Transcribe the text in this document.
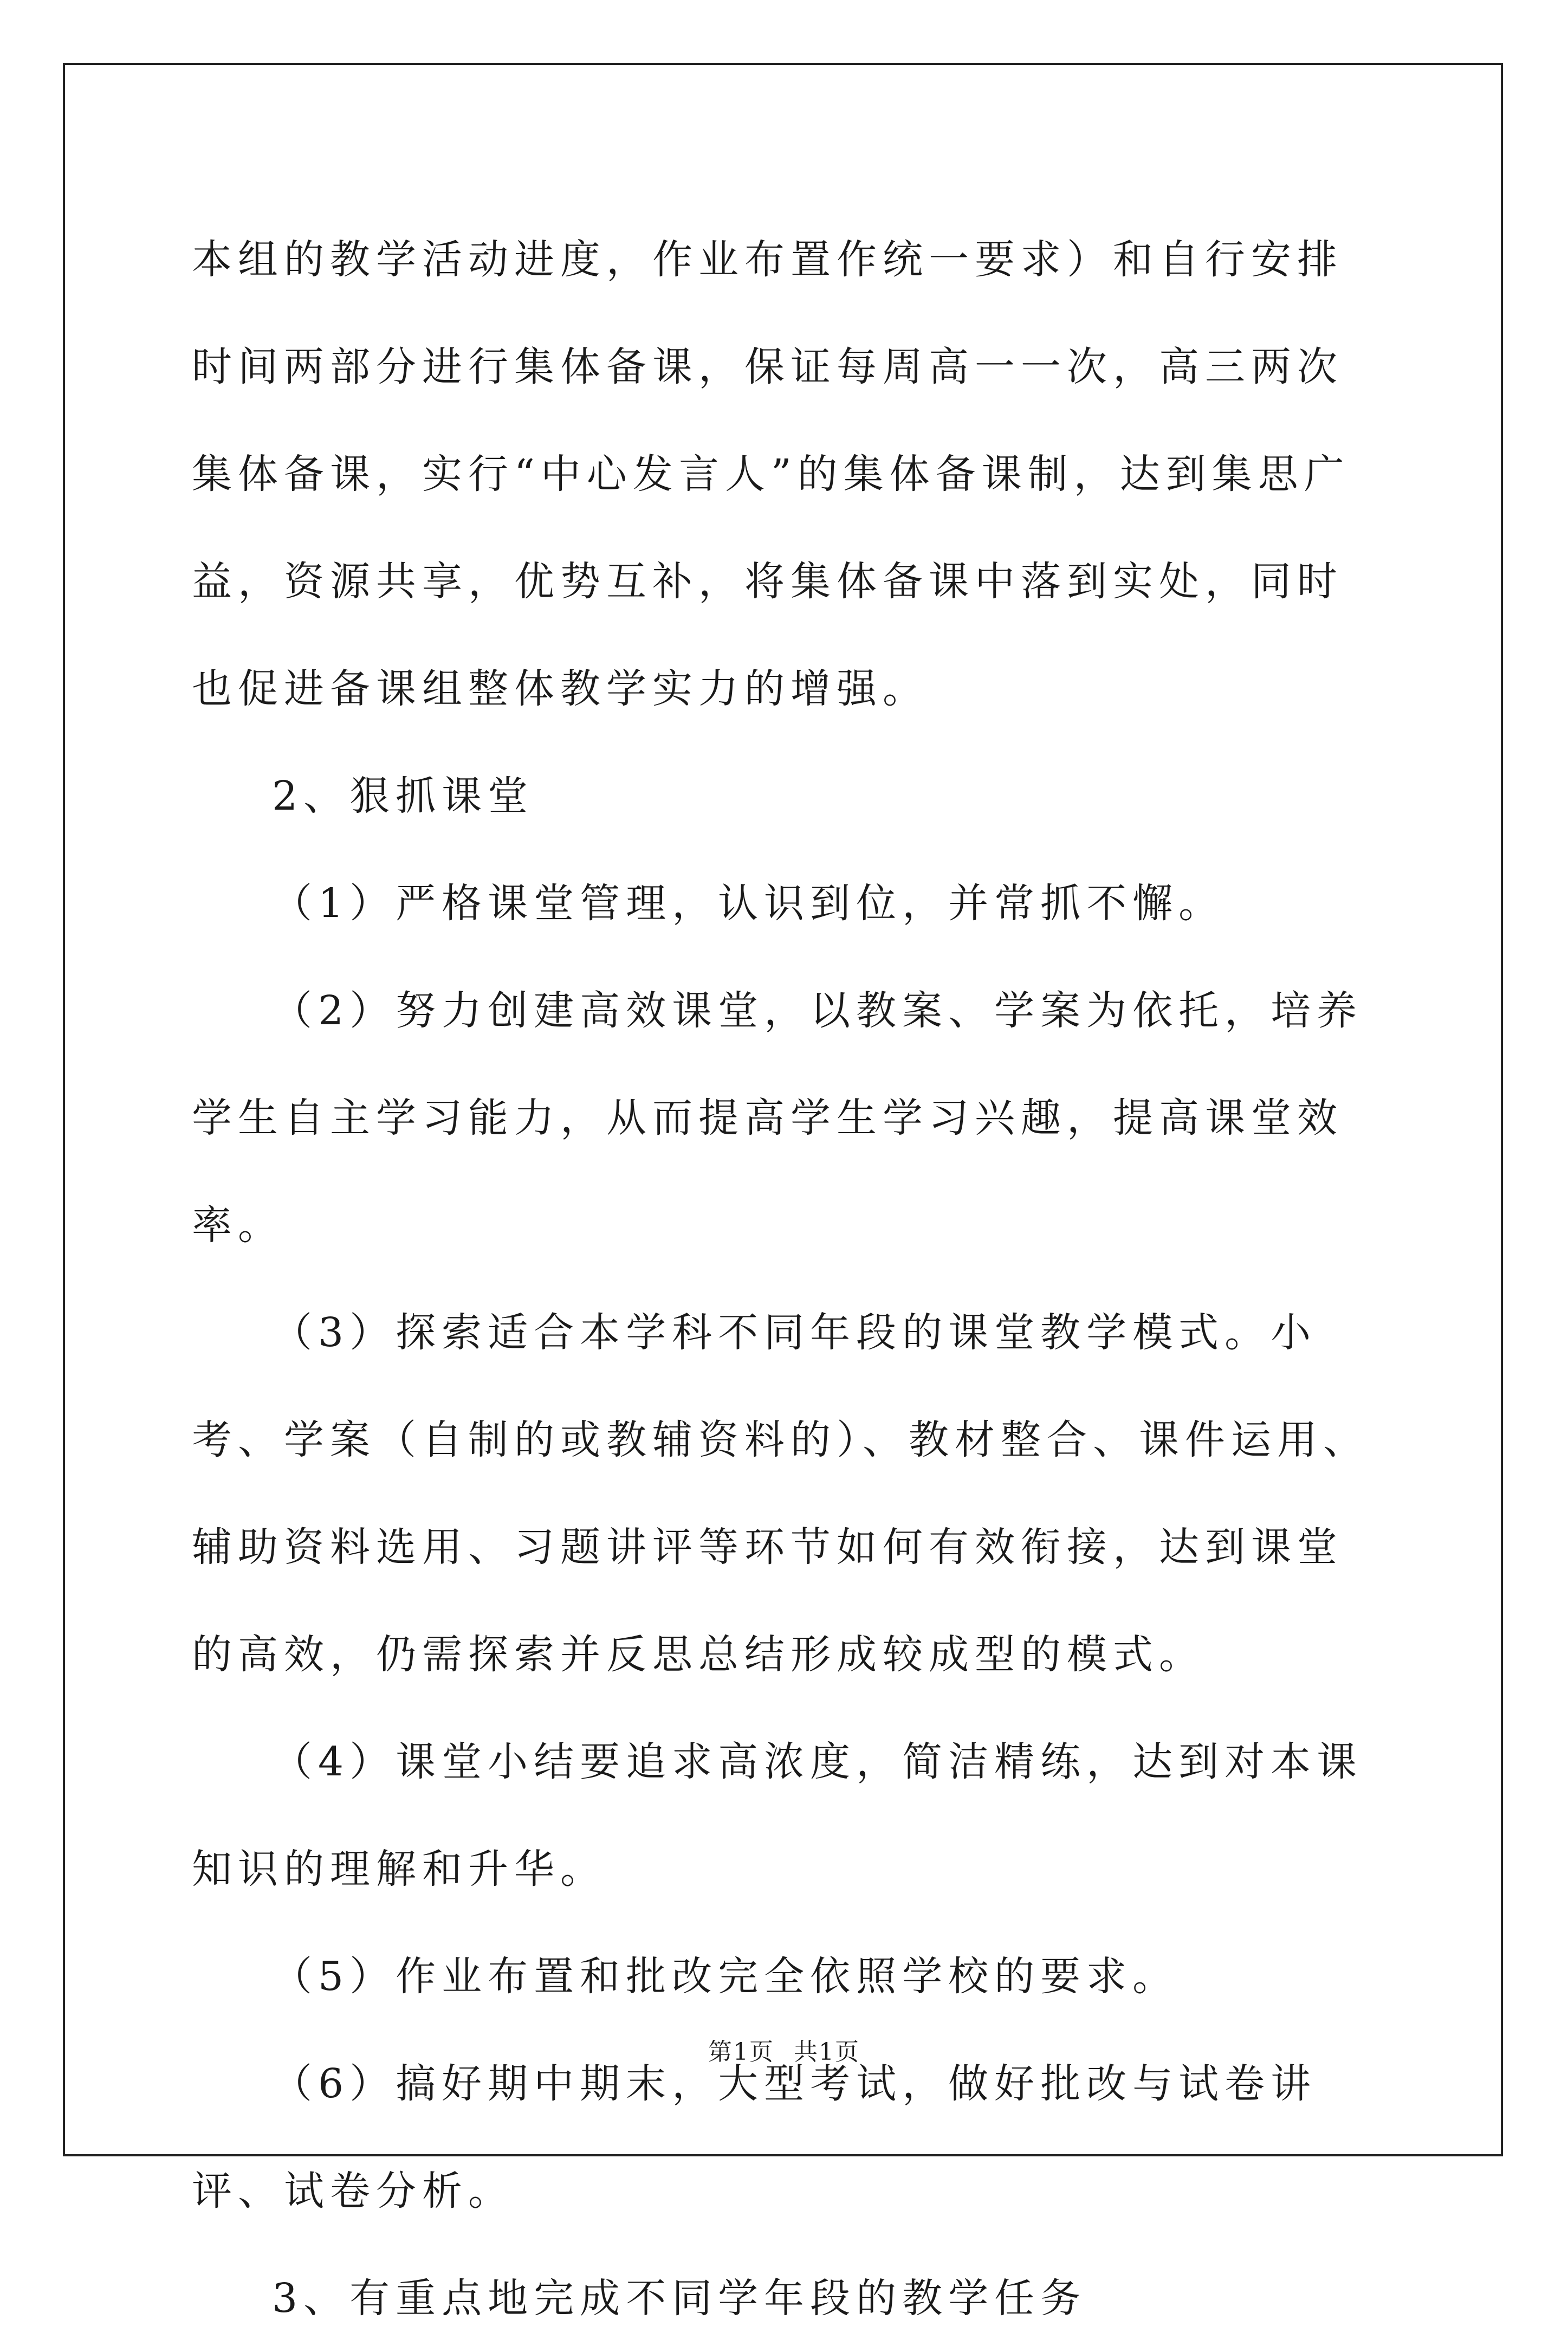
本组的教学活动进度，作业布置作统一要求）和自行安排时间两部分进行集体备课，保证每周高一一次，高三两次集体备课，实行“中心发言人”的集体备课制，达到集思广益，资源共享，优势互补，将集体备课中落到实处，同时也促进备课组整体教学实力的增强。

2、狠抓课堂

（1）严格课堂管理，认识到位，并常抓不懈。

（2）努力创建高效课堂，以教案、学案为依托，培养学生自主学习能力，从而提高学生学习兴趣，提高课堂效率。

（3）探索适合本学科不同年段的课堂教学模式。小考、学案（自制的或教辅资料的）、教材整合、课件运用、辅助资料选用、习题讲评等环节如何有效衔接，达到课堂的高效，仍需探索并反思总结形成较成型的模式。

（4）课堂小结要追求高浓度，简洁精练，达到对本课知识的理解和升华。

（5）作业布置和批改完全依照学校的要求。

（6）搞好期中期末，大型考试，做好批改与试卷讲评、试卷分析。

3、有重点地完成不同学年段的教学任务

第1页 共1页
